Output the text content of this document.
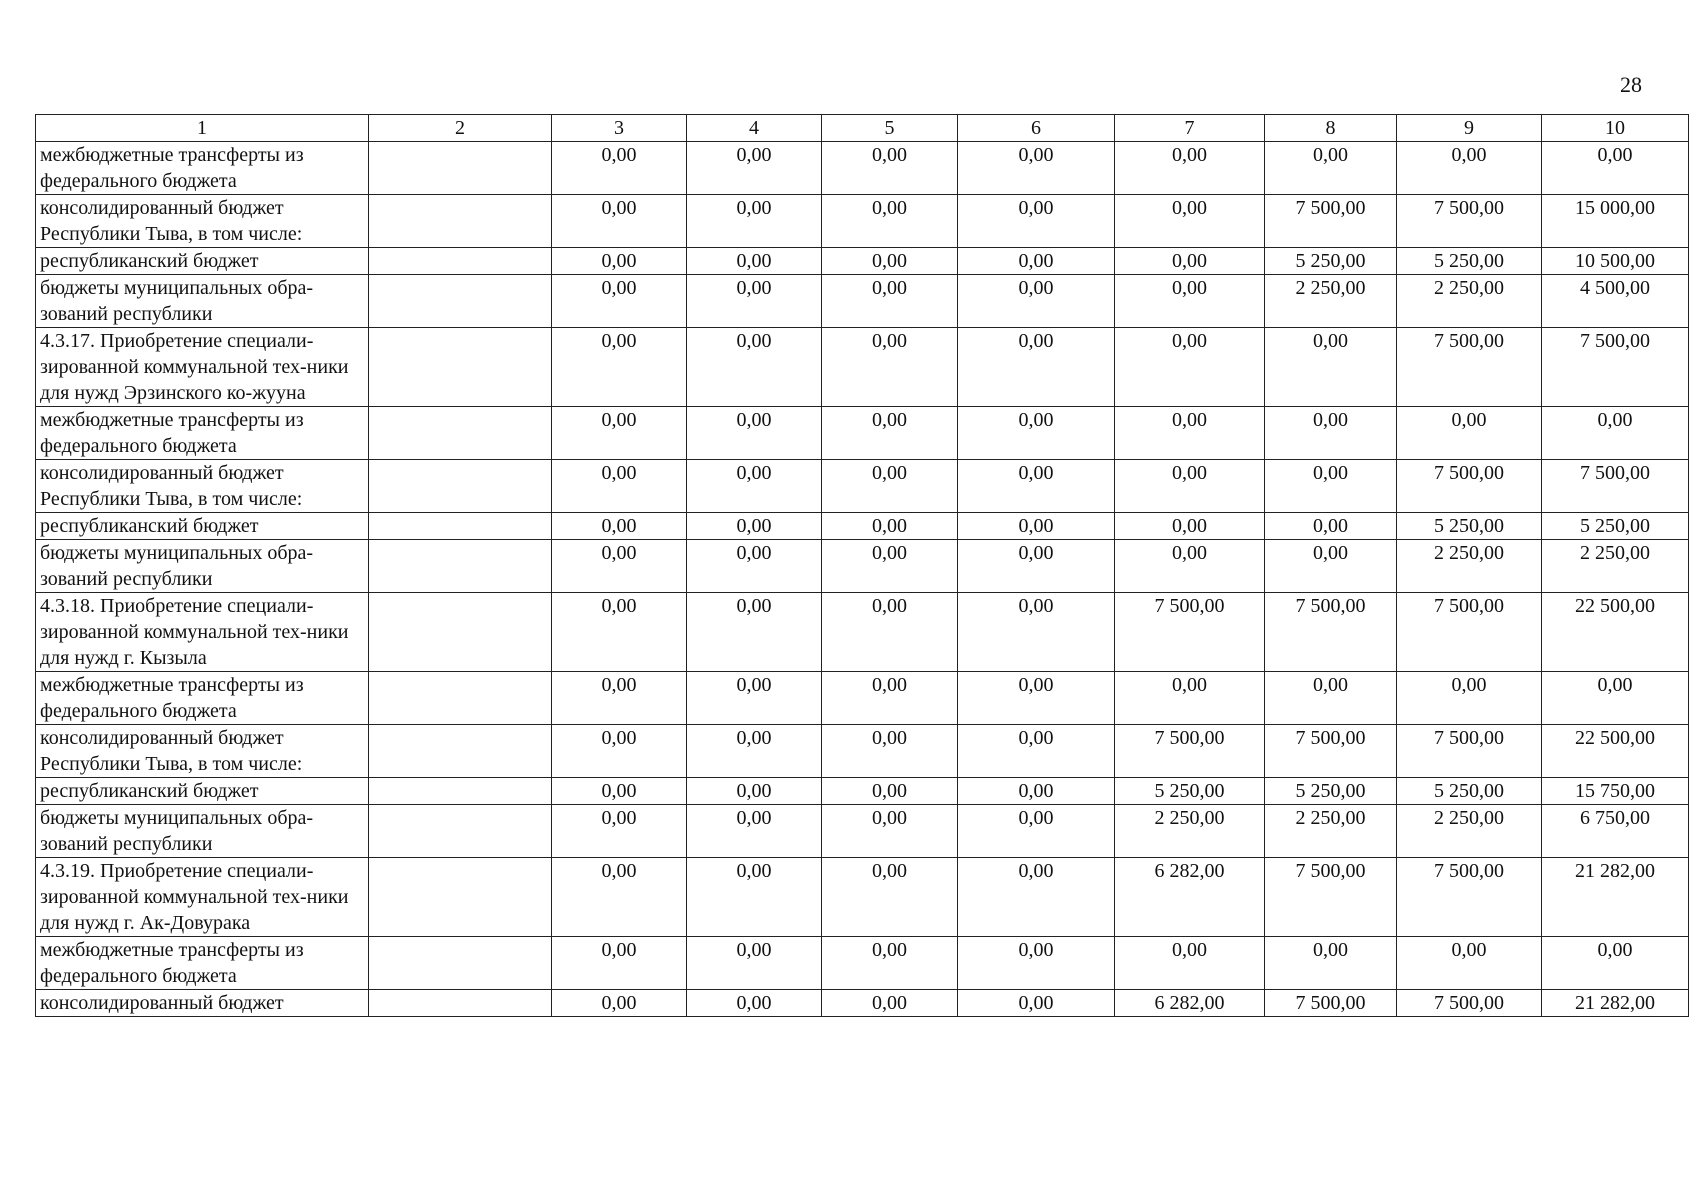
28
1	2	3	4	5	6	7	8	9	10
межбюджетные трансферты из федерального бюджета		0,00	0,00	0,00	0,00	0,00	0,00	0,00	0,00
консолидированный бюджет Республики Тыва, в том числе:		0,00	0,00	0,00	0,00	0,00	7 500,00	7 500,00	15 000,00
республиканский бюджет		0,00	0,00	0,00	0,00	0,00	5 250,00	5 250,00	10 500,00
бюджеты муниципальных обра-зований республики		0,00	0,00	0,00	0,00	0,00	2 250,00	2 250,00	4 500,00
4.3.17. Приобретение специали-зированной коммунальной тех-ники для нужд Эрзинского ко-жууна		0,00	0,00	0,00	0,00	0,00	0,00	7 500,00	7 500,00
межбюджетные трансферты из федерального бюджета		0,00	0,00	0,00	0,00	0,00	0,00	0,00	0,00
консолидированный бюджет Республики Тыва, в том числе:		0,00	0,00	0,00	0,00	0,00	0,00	7 500,00	7 500,00
республиканский бюджет		0,00	0,00	0,00	0,00	0,00	0,00	5 250,00	5 250,00
бюджеты муниципальных обра-зований республики		0,00	0,00	0,00	0,00	0,00	0,00	2 250,00	2 250,00
4.3.18. Приобретение специали-зированной коммунальной тех-ники для нужд г. Кызыла		0,00	0,00	0,00	0,00	7 500,00	7 500,00	7 500,00	22 500,00
межбюджетные трансферты из федерального бюджета		0,00	0,00	0,00	0,00	0,00	0,00	0,00	0,00
консолидированный бюджет Республики Тыва, в том числе:		0,00	0,00	0,00	0,00	7 500,00	7 500,00	7 500,00	22 500,00
республиканский бюджет		0,00	0,00	0,00	0,00	5 250,00	5 250,00	5 250,00	15 750,00
бюджеты муниципальных обра-зований республики		0,00	0,00	0,00	0,00	2 250,00	2 250,00	2 250,00	6 750,00
4.3.19. Приобретение специали-зированной коммунальной тех-ники для нужд г. Ак-Довурака		0,00	0,00	0,00	0,00	6 282,00	7 500,00	7 500,00	21 282,00
межбюджетные трансферты из федерального бюджета		0,00	0,00	0,00	0,00	0,00	0,00	0,00	0,00
консолидированный бюджет		0,00	0,00	0,00	0,00	6 282,00	7 500,00	7 500,00	21 282,00
